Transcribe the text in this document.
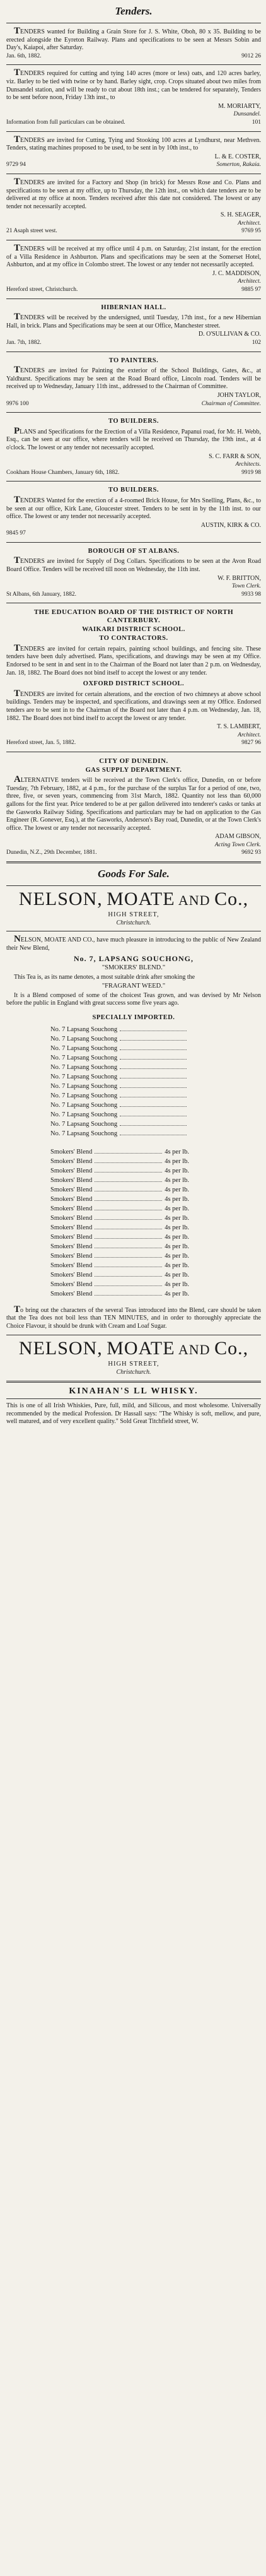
Tenders.

TENDERS wanted for Building a Grain Store for J. S. White, Oboh, 80 x 35. Building to be erected alongside the Eyreton Railway. Plans and specifications to be seen at Messrs Sobin and Day's, Kaiapoi, after Saturday.

Jan. 6th, 1882.	9012 26

TENDERS required for cutting and tying 140 acres (more or less) oats, and 120 acres barley, viz. Barley to be tied with twine or by hand. Barley sight, crop. Crops situated about two miles from Dunsandel station, and will be ready to cut about 18th inst.; can be tendered for separately, Tenders to be sent before noon, Friday 13th inst., to

M. MORIARTY,
Dunsandel.
Information from full particulars can be obtained.	101

TENDERS are invited for Cutting, Tying and Stooking 100 acres at Lyndhurst, near Methven. Tenders, stating machines proposed to be used, to be sent in by 10th inst., to

L. & E. COSTER,
9729 94	Somerton, Rakaia.

TENDERS are invited for a Factory and Shop (in brick) for Messrs Rose and Co. Plans and specifications to be seen at my office, up to Thursday, the 12th inst., on which date tenders are to be delivered at my office at noon. Tenders received after this date not considered. The lowest or any tender not necessarily accepted.

S. H. SEAGER,
Architect.
21 Asaph street west.	9769 95

TENDERS will be received at my office until 4 p.m. on Saturday, 21st instant, for the erection of a Villa Residence in Ashburton. Plans and specifications may be seen at the Somerset Hotel, Ashburton, and at my office in Colombo street. The lowest or any tender not necessarily accepted.

J. C. MADDISON,
Architect.
Hereford street, Christchurch.	9885 97
HIBERNIAN HALL.

TENDERS will be received by the undersigned, until Tuesday, 17th inst., for a new Hibernian Hall, in brick. Plans and Specifications may be seen at our Office, Manchester street.

D. O'SULLIVAN & CO.
Jan. 7th, 1882.	102
TO PAINTERS.

TENDERS are invited for Painting the exterior of the School Buildings, Gates, &c., at Yaldhurst. Specifications may be seen at the Road Board office, Lincoln road. Tenders will be received up to Wednesday, January 11th inst., addressed to the Chairman of Committee.

JOHN TAYLOR,
9976 100	Chairman of Committee.
TO BUILDERS.

PLANS and Specifications for the Erection of a Villa Residence, Papanui road, for Mr. H. Webb, Esq., can be seen at our office, where tenders will be received on Thursday, the 19th inst., at 4 o'clock. The lowest or any tender not necessarily accepted.

S. C. FARR & SON,
Architects.
Cookham House Chambers, January 6th, 1882.	9919 98
TO BUILDERS.

TENDERS Wanted for the erection of a 4-roomed Brick House, for Mrs Snelling, Plans, &c., to be seen at our office, Kirk Lane, Gloucester street. Tenders to be sent in by the 11th inst. to our office. The lowest or any tender not necessarily accepted.

AUSTIN, KIRK & CO.
9845 97
BOROUGH OF ST ALBANS.

TENDERS are invited for Supply of Dog Collars. Specifications to be seen at the Avon Road Board Office. Tenders will be received till noon on Wednesday, the 11th inst.

W. F. BRITTON,
Town Clerk.
St Albans, 6th January, 1882.	9933 98
THE EDUCATION BOARD OF THE DISTRICT OF NORTH CANTERBURY.
WAIKARI DISTRICT SCHOOL.
TO CONTRACTORS.

TENDERS are invited for certain repairs, painting school buildings, and fencing site. These tenders have been duly advertised. Plans, specifications, and drawings may be seen at my Office. Endorsed to be sent in and sent in to the Chairman of the Board not later than 2 p.m. on Wednesday, Jan. 18, 1882. The Board does not bind itself to accept the lowest or any tender.

OXFORD DISTRICT SCHOOL.

TENDERS are invited for certain alterations, and the erection of two chimneys at above school buildings. Tenders may be inspected, and specifications, and drawings seen at my Office. Endorsed tenders are to be sent in to the Chairman of the Board not later than 4 p.m. on Wednesday, Jan. 18, 1882. The Board does not bind itself to accept the lowest or any tender.

T. S. LAMBERT,
Architect.
Hereford street, Jan. 5, 1882.	9827 96
CITY OF DUNEDIN.
GAS SUPPLY DEPARTMENT.

ALTERNATIVE tenders will be received at the Town Clerk's office, Dunedin, on or before Tuesday, 7th February, 1882, at 4 p.m., for the purchase of the surplus Tar for a period of one, two, three, five, or seven years, commencing from 31st March, 1882. Quantity not less than 60,000 gallons for the first year. Price tendered to be at per gallon delivered into tenderer's casks or tanks at the Gasworks Railway Siding. Specifications and particulars may be had on application to the Gas Engineer (R. Gonever, Esq.), at the Gasworks, Anderson's Bay road, Dunedin, or at the Town Clerk's office. The lowest or any tender not necessarily accepted.

ADAM GIBSON,
Acting Town Clerk.
Dunedin, N.Z., 29th December, 1881.	9692 93
Goods For Sale.
NELSON, MOATE AND Co.,
HIGH STREET,
Christchurch.

NELSON, MOATE AND CO., have much pleasure in introducing to the public of New Zealand their New Blend,

No. 7, LAPSANG SOUCHONG,
"SMOKERS' BLEND."

This Tea is, as its name denotes, a most suitable drink after smoking the

"FRAGRANT WEED."

It is a Blend composed of some of the choicest Teas grown, and was devised by Mr Nelson before the public in England with great success some five years ago.

SPECIALLY IMPORTED.
No. 7 Lapsang Souchong
No. 7 Lapsang Souchong
No. 7 Lapsang Souchong
No. 7 Lapsang Souchong
No. 7 Lapsang Souchong
No. 7 Lapsang Souchong
No. 7 Lapsang Souchong
No. 7 Lapsang Souchong
No. 7 Lapsang Souchong
No. 7 Lapsang Souchong
No. 7 Lapsang Souchong
No. 7 Lapsang Souchong
Smokers' Blend	4s per lb.
Smokers' Blend	4s per lb.
Smokers' Blend	4s per lb.
Smokers' Blend	4s per lb.
Smokers' Blend	4s per lb.
Smokers' Blend	4s per lb.
Smokers' Blend	4s per lb.
Smokers' Blend	4s per lb.
Smokers' Blend	4s per lb.
Smokers' Blend	4s per lb.
Smokers' Blend	4s per lb.
Smokers' Blend	4s per lb.
Smokers' Blend	4s per lb.
Smokers' Blend	4s per lb.
Smokers' Blend	4s per lb.
Smokers' Blend	4s per lb.

To bring out the characters of the several Teas introduced into the Blend, care should be taken that the Tea does not boil less than TEN MINUTES, and in order to thoroughly appreciate the Choice Flavour, it should be drunk with Cream and Loaf Sugar.

NELSON, MOATE AND Co.,
HIGH STREET,
Christchurch.
KINAHAN'S LL WHISKY.

This is one of all Irish Whiskies, Pure, full, mild, and Silicous, and most wholesome. Universally recommended by the medical Profession. Dr Hassall says: "The Whisky is soft, mellow, and pure, well matured, and of very excellent quality." Sold Great Titchfield street, W.
